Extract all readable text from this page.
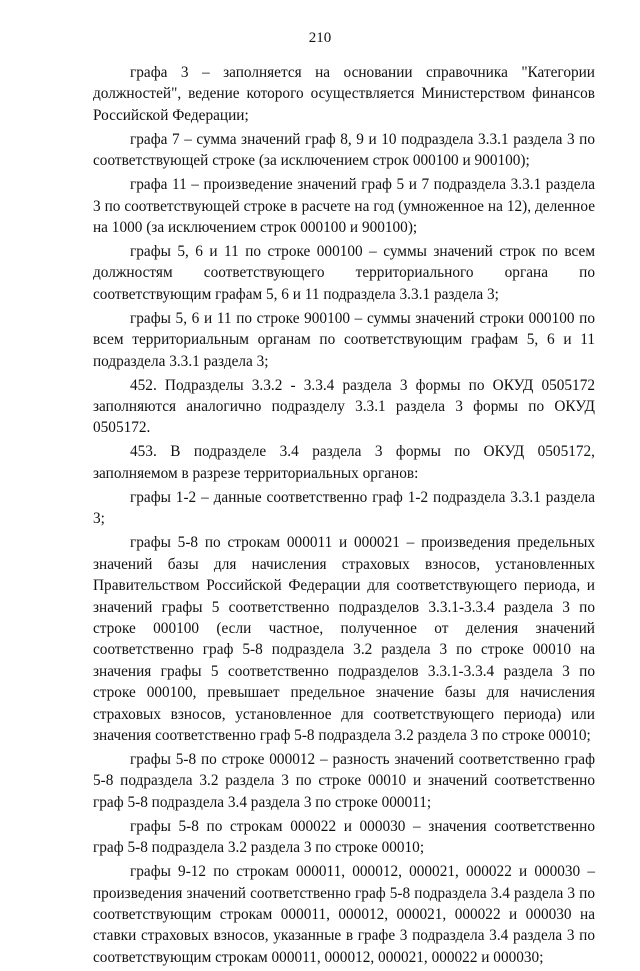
210

графа 3 – заполняется на основании справочника "Категории должностей", ведение которого осуществляется Министерством финансов Российской Федерации;

графа 7 – сумма значений граф 8, 9 и 10 подраздела 3.3.1 раздела 3 по соответствующей строке (за исключением строк 000100 и 900100);

графа 11 – произведение значений граф 5 и 7 подраздела 3.3.1 раздела 3 по соответствующей строке в расчете на год (умноженное на 12), деленное на 1000 (за исключением строк 000100 и 900100);

графы 5, 6 и 11 по строке 000100 – суммы значений строк по всем должностям соответствующего территориального органа по соответствующим графам 5, 6 и 11 подраздела 3.3.1 раздела 3;

графы 5, 6 и 11 по строке 900100 – суммы значений строки 000100 по всем территориальным органам по соответствующим графам 5, 6 и 11 подраздела 3.3.1 раздела 3;

452. Подразделы 3.3.2 - 3.3.4 раздела 3 формы по ОКУД 0505172 заполняются аналогично подразделу 3.3.1 раздела 3 формы по ОКУД 0505172.

453. В подразделе 3.4 раздела 3 формы по ОКУД 0505172, заполняемом в разрезе территориальных органов:

графы 1-2 – данные соответственно граф 1-2 подраздела 3.3.1 раздела 3;

графы 5-8 по строкам 000011 и 000021 – произведения предельных значений базы для начисления страховых взносов, установленных Правительством Российской Федерации для соответствующего периода, и значений графы 5 соответственно подразделов 3.3.1-3.3.4 раздела 3 по строке 000100 (если частное, полученное от деления значений соответственно граф 5-8 подраздела 3.2 раздела 3 по строке 00010 на значения графы 5 соответственно подразделов 3.3.1-3.3.4 раздела 3 по строке 000100, превышает предельное значение базы для начисления страховых взносов, установленное для соответствующего периода) или значения соответственно граф 5-8 подраздела 3.2 раздела 3 по строке 00010;

графы 5-8 по строке 000012 – разность значений соответственно граф 5-8 подраздела 3.2 раздела 3 по строке 00010 и значений соответственно граф 5-8 подраздела 3.4 раздела 3 по строке 000011;

графы 5-8 по строкам 000022 и 000030 – значения соответственно граф 5-8 подраздела 3.2 раздела 3 по строке 00010;

графы 9-12 по строкам 000011, 000012, 000021, 000022 и 000030 – произведения значений соответственно граф 5-8 подраздела 3.4 раздела 3 по соответствующим строкам 000011, 000012, 000021, 000022 и 000030 на ставки страховых взносов, указанные в графе 3 подраздела 3.4 раздела 3 по соответствующим строкам 000011, 000012, 000021, 000022 и 000030;
